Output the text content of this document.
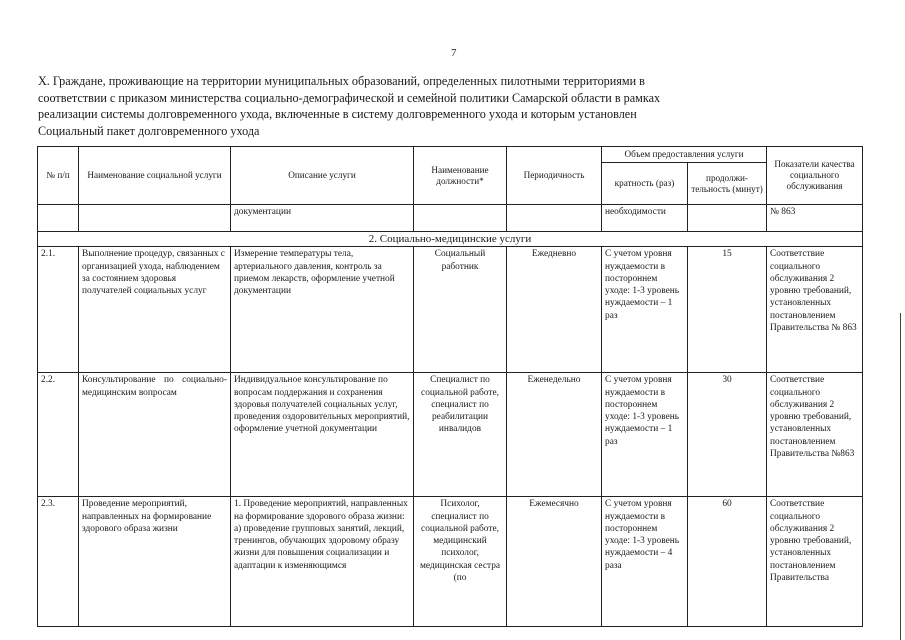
7
X. Граждане, проживающие на территории муниципальных образований, определенных пилотными территориями в
соответствии с приказом министерства социально-демографической и семейной политики Самарской области в рамках
реализации системы долговременного ухода, включенные в систему долговременного ухода и которым установлен
Социальный пакет долговременного ухода
№ п/п	Наименование социальной услуги	Описание услуги	Наименование должности*	Периодичность	Объем предоставления услуги		Показатели качества социального обслуживания
					кратность (раз)	продолжи-тельность (минут)	
		документации			необходимости		№ 863
2. Социально-медицинские услуги							
2.1.	Выполнение процедур, связанных с организацией ухода, наблюдением за состоянием здоровья получателей социальных услуг	Измерение температуры тела, артериального давления, контроль за приемом лекарств, оформление учетной документации	Социальный работник	Ежедневно	С учетом уровня нуждаемости в постороннем уходе: 1-3 уровень нуждаемости – 1 раз	15	Соответствие социального обслуживания 2 уровню требований, установленных постановлением Правительства № 863
2.2.	Консультирование по социально-медицинским вопросам	Индивидуальное консультирование по вопросам поддержания и сохранения здоровья получателей социальных услуг, проведения оздоровительных мероприятий, оформление учетной документации	Специалист по социальной работе, специалист по реабилитации инвалидов	Еженедельно	С учетом уровня нуждаемости в постороннем уходе: 1-3 уровень нуждаемости – 1 раз	30	Соответствие социального обслуживания 2 уровню требований, установленных постановлением Правительства №863
2.3.	Проведение мероприятий, направленных на формирование здорового образа жизни	1. Проведение мероприятий, направленных на формирование здорового образа жизни: а) проведение групповых занятий, лекций, тренингов, обучающих здоровому образу жизни для повышения социализации и адаптации к изменяющимся	Психолог, специалист по социальной работе, медицинский психолог, медицинская сестра (по	Ежемесячно	С учетом уровня нуждаемости в постороннем уходе: 1-3 уровень нуждаемости – 4 раза	60	Соответствие социального обслуживания 2 уровню требований, установленных постановлением Правительства
